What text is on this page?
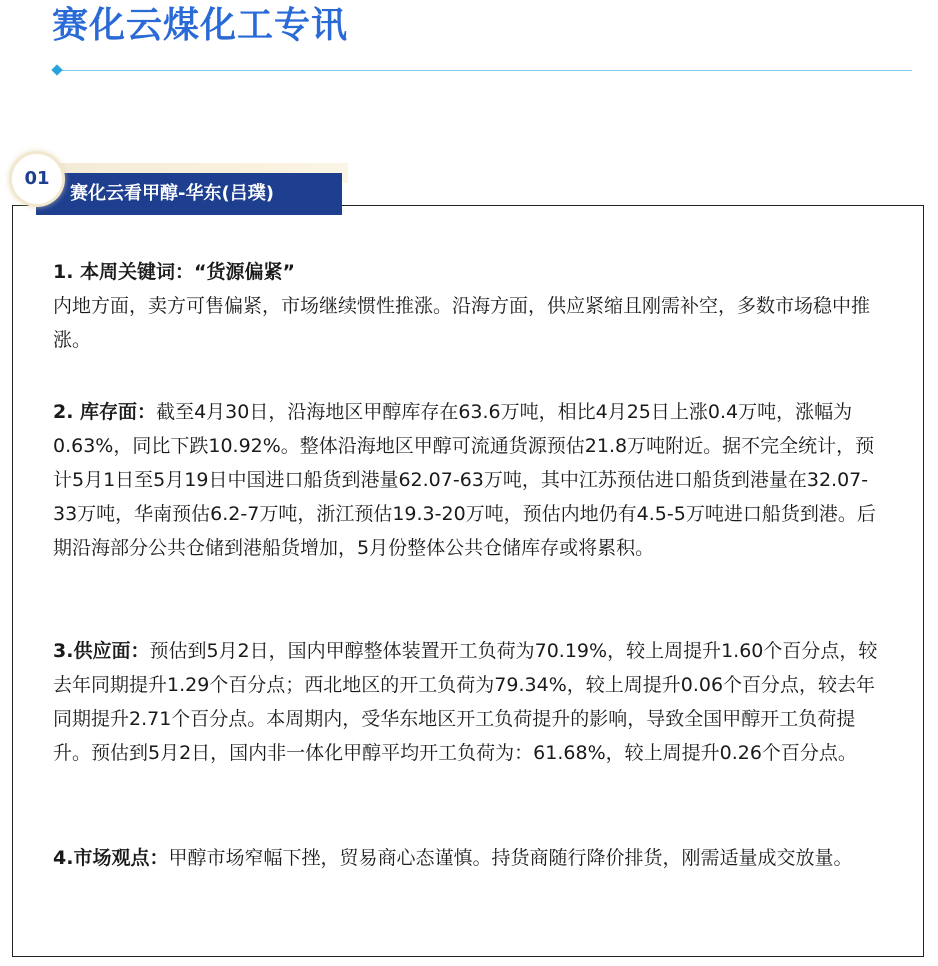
赛化云煤化工专讯
赛化云看甲醇-华东(吕璞)
01

1. 本周关键词：“货源偏紧”
内地方面，卖方可售偏紧，市场继续惯性推涨。沿海方面，供应紧缩且刚需补空，多数市场稳中推涨。

2. 库存面：截至4月30日，沿海地区甲醇库存在63.6万吨，相比4月25日上涨0.4万吨，涨幅为0.63%，同比下跌10.92%。整体沿海地区甲醇可流通货源预估21.8万吨附近。据不完全统计，预计5月1日至5月19日中国进口船货到港量62.07-63万吨，其中江苏预估进口船货到港量在32.07-33万吨，华南预估6.2-7万吨，浙江预估19.3-20万吨，预估内地仍有4.5-5万吨进口船货到港。后期沿海部分公共仓储到港船货增加，5月份整体公共仓储库存或将累积。

3.供应面：预估到5月2日，国内甲醇整体装置开工负荷为70.19%，较上周提升1.60个百分点，较去年同期提升1.29个百分点；西北地区的开工负荷为79.34%，较上周提升0.06个百分点，较去年同期提升2.71个百分点。本周期内，受华东地区开工负荷提升的影响，导致全国甲醇开工负荷提升。预估到5月2日，国内非一体化甲醇平均开工负荷为：61.68%，较上周提升0.26个百分点。

4.市场观点：甲醇市场窄幅下挫，贸易商心态谨慎。持货商随行降价排货，刚需适量成交放量。
